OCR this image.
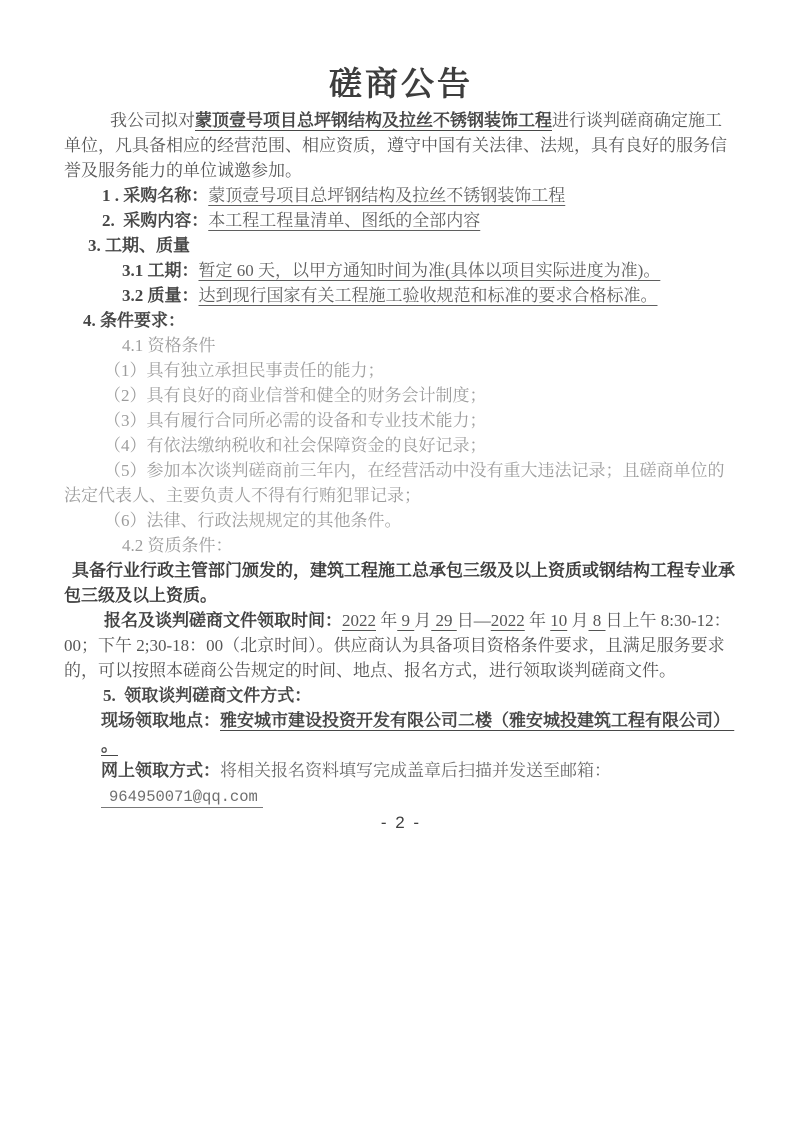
磋商公告

我公司拟对蒙顶壹号项目总坪钢结构及拉丝不锈钢装饰工程进行谈判磋商确定施工单位，凡具备相应的经营范围、相应资质，遵守中国有关法律、法规，具有良好的服务信誉及服务能力的单位诚邀参加。

1 . 采购名称：蒙顶壹号项目总坪钢结构及拉丝不锈钢装饰工程

2.  采购内容：本工程工程量清单、图纸的全部内容

3. 工期、质量

3.1 工期：暂定 60 天，以甲方通知时间为准(具体以项目实际进度为准)。

3.2 质量：达到现行国家有关工程施工验收规范和标准的要求合格标准。

4. 条件要求：

4.1 资格条件

（1）具有独立承担民事责任的能力；

（2）具有良好的商业信誉和健全的财务会计制度；

（3）具有履行合同所必需的设备和专业技术能力；

（4）有依法缴纳税收和社会保障资金的良好记录；

（5）参加本次谈判磋商前三年内，在经营活动中没有重大违法记录；且磋商单位的法定代表人、主要负责人不得有行贿犯罪记录；

（6）法律、行政法规规定的其他条件。

4.2 资质条件：

具备行业行政主管部门颁发的，建筑工程施工总承包三级及以上资质或钢结构工程专业承包三级及以上资质。

报名及谈判磋商文件领取时间：2022 年 9 月 29 日—2022 年 10 月 8 日上午 8:30-12：00；下午 2;30-18：00（北京时间）。供应商认为具备项目资格条件要求，且满足服务要求的，可以按照本磋商公告规定的时间、地点、报名方式，进行领取谈判磋商文件。

5.  领取谈判磋商文件方式：

现场领取地点：雅安城市建设投资开发有限公司二楼（雅安城投建筑工程有限公司） 。

网上领取方式：将相关报名资料填写完成盖章后扫描并发送至邮箱：964950071@qq.com

- 2 -
